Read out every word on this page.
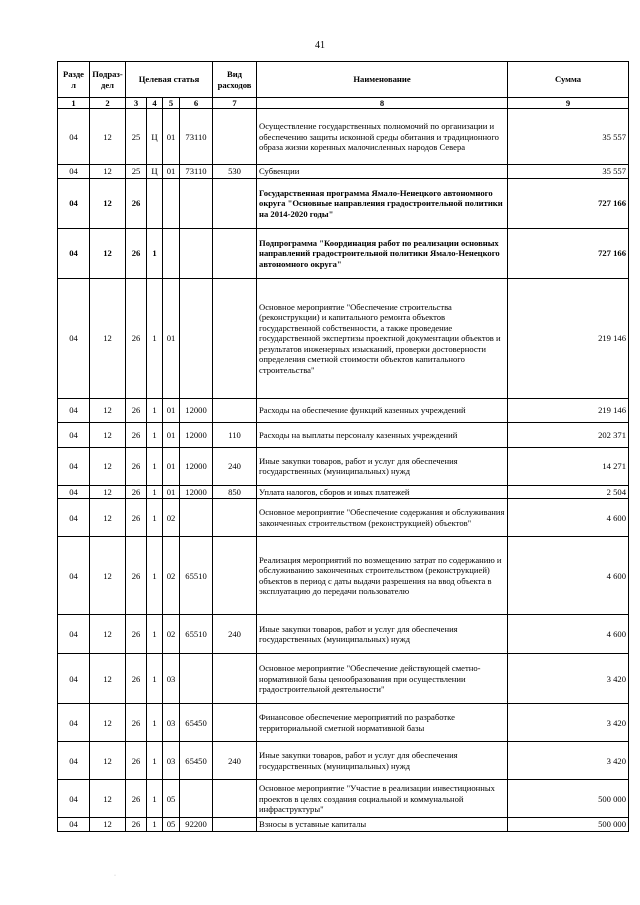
41
Разде л	Подраз- дел	Целевая статья				Вид расходов	Наименование	Сумма
1	2	3	4	5	6	7	8	9
04	12	25	Ц	01	73110		Осуществление государственных полномочий по организации и обеспечению защиты исконной среды обитания и традиционного образа жизни коренных малочисленных народов Севера	35 557
04	12	25	Ц	01	73110	530	Субвенции	35 557
04	12	26					Государственная программа Ямало-Ненецкого автономного округа "Основные направления градостроительной политики на 2014-2020 годы"	727 166
04	12	26	1				Подпрограмма "Координация работ по реализации основных направлений градостроительной политики Ямало-Ненецкого автономного округа"	727 166
04	12	26	1	01			Основное мероприятие "Обеспечение строительства (реконструкции) и капитального ремонта объектов государственной собственности, а также проведение государственной экспертизы проектной документации объектов и результатов инженерных изысканий, проверки достоверности определения сметной стоимости объектов капитального строительства"	219 146
04	12	26	1	01	12000		Расходы на обеспечение функций казенных учреждений	219 146
04	12	26	1	01	12000	110	Расходы на выплаты персоналу казенных учреждений	202 371
04	12	26	1	01	12000	240	Иные закупки товаров, работ и услуг для обеспечения государственных (муниципальных) нужд	14 271
04	12	26	1	01	12000	850	Уплата налогов, сборов и иных платежей	2 504
04	12	26	1	02			Основное мероприятие "Обеспечение содержания и обслуживания законченных строительством (реконструкцией) объектов"	4 600
04	12	26	1	02	65510		Реализация мероприятий по возмещению затрат по содержанию и обслуживанию законченных строительством (реконструкцией) объектов в период с даты выдачи разрешения на ввод объекта в эксплуатацию до передачи пользователю	4 600
04	12	26	1	02	65510	240	Иные закупки товаров, работ и услуг для обеспечения государственных (муниципальных) нужд	4 600
04	12	26	1	03			Основное мероприятие "Обеспечение действующей сметно-нормативной базы ценообразования при осуществлении градостроительной деятельности"	3 420
04	12	26	1	03	65450		Финансовое обеспечение мероприятий по разработке территориальной сметной нормативной базы	3 420
04	12	26	1	03	65450	240	Иные закупки товаров, работ и услуг для обеспечения государственных (муниципальных) нужд	3 420
04	12	26	1	05			Основное мероприятие "Участие в реализации инвестиционных проектов в целях создания социальной и коммунальной инфраструктуры"	500 000
04	12	26	1	05	92200		Взносы в уставные капиталы	500 000
·
